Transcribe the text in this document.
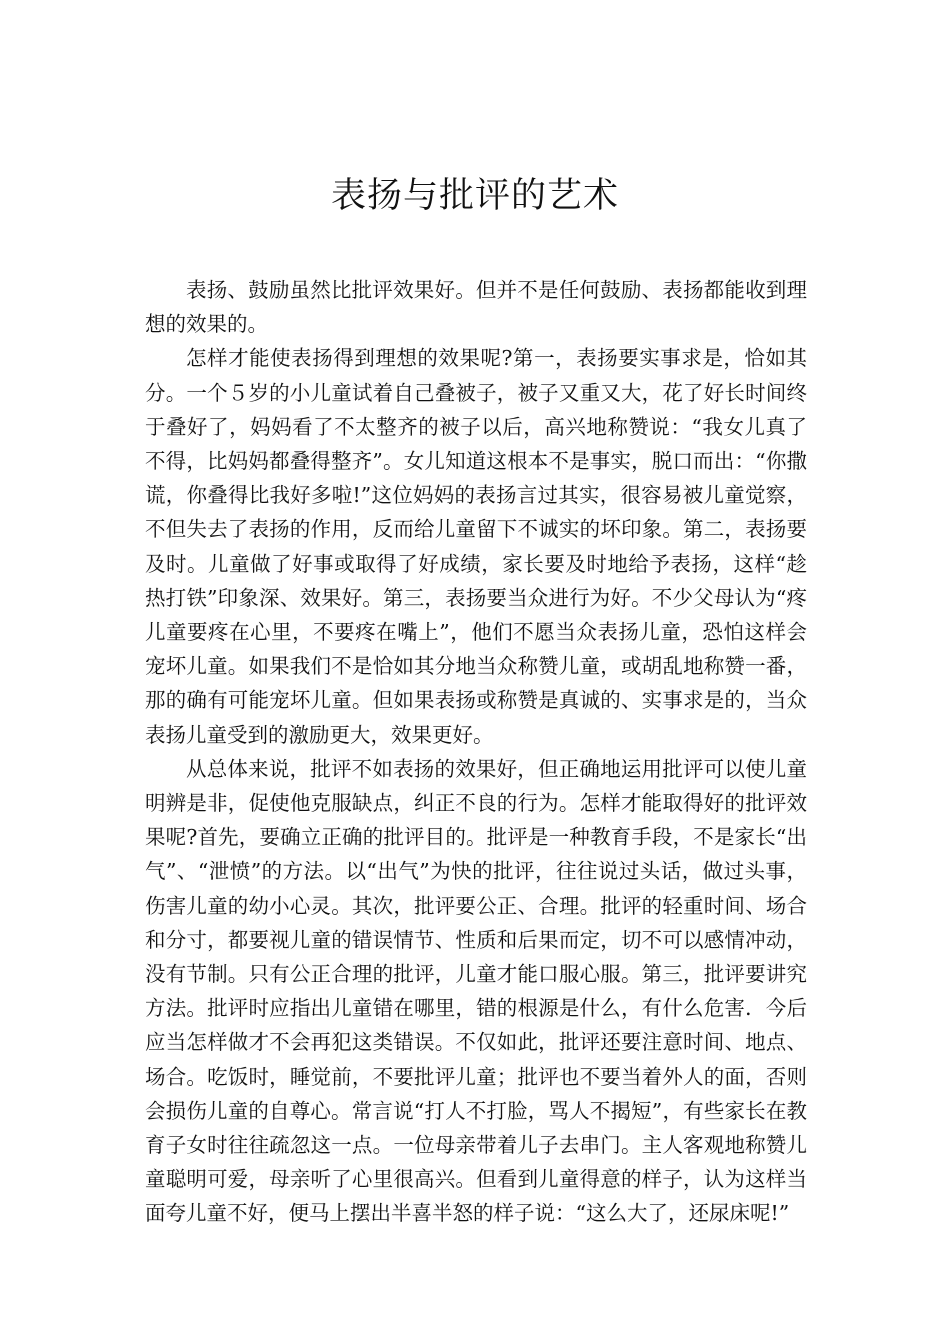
表扬与批评的艺术

表扬、鼓励虽然比批评效果好。但并不是任何鼓励、表扬都能收到理想的效果的。

怎样才能使表扬得到理想的效果呢?第一，表扬要实事求是，恰如其分。一个５岁的小儿童试着自己叠被子，被子又重又大，花了好长时间终于叠好了，妈妈看了不太整齐的被子以后，高兴地称赞说：“我女儿真了不得，比妈妈都叠得整齐”。女儿知道这根本不是事实，脱口而出：“你撒谎，你叠得比我好多啦!”这位妈妈的表扬言过其实，很容易被儿童觉察，不但失去了表扬的作用，反而给儿童留下不诚实的坏印象。第二，表扬要及时。儿童做了好事或取得了好成绩，家长要及时地给予表扬，这样“趁热打铁”印象深、效果好。第三，表扬要当众进行为好。不少父母认为“疼儿童要疼在心里，不要疼在嘴上”，他们不愿当众表扬儿童，恐怕这样会宠坏儿童。如果我们不是恰如其分地当众称赞儿童，或胡乱地称赞一番，那的确有可能宠坏儿童。但如果表扬或称赞是真诚的、实事求是的，当众表扬儿童受到的激励更大，效果更好。

从总体来说，批评不如表扬的效果好，但正确地运用批评可以使儿童明辨是非，促使他克服缺点，纠正不良的行为。怎样才能取得好的批评效果呢?首先，要确立正确的批评目的。批评是一种教育手段，不是家长“出气”、“泄愤”的方法。以“出气”为快的批评，往往说过头话，做过头事，伤害儿童的幼小心灵。其次，批评要公正、合理。批评的轻重时间、场合和分寸，都要视儿童的错误情节、性质和后果而定，切不可以感情冲动，没有节制。只有公正合理的批评，儿童才能口服心服。第三，批评要讲究方法。批评时应指出儿童错在哪里，错的根源是什么，有什么危害．今后应当怎样做才不会再犯这类错误。不仅如此，批评还要注意时间、地点、场合。吃饭时，睡觉前，不要批评儿童；批评也不要当着外人的面，否则会损伤儿童的自尊心。常言说“打人不打脸，骂人不揭短”，有些家长在教育子女时往往疏忽这一点。一位母亲带着儿子去串门。主人客观地称赞儿童聪明可爱，母亲听了心里很高兴。但看到儿童得意的样子，认为这样当面夸儿童不好，便马上摆出半喜半怒的样子说：“这么大了，还尿床呢!”
